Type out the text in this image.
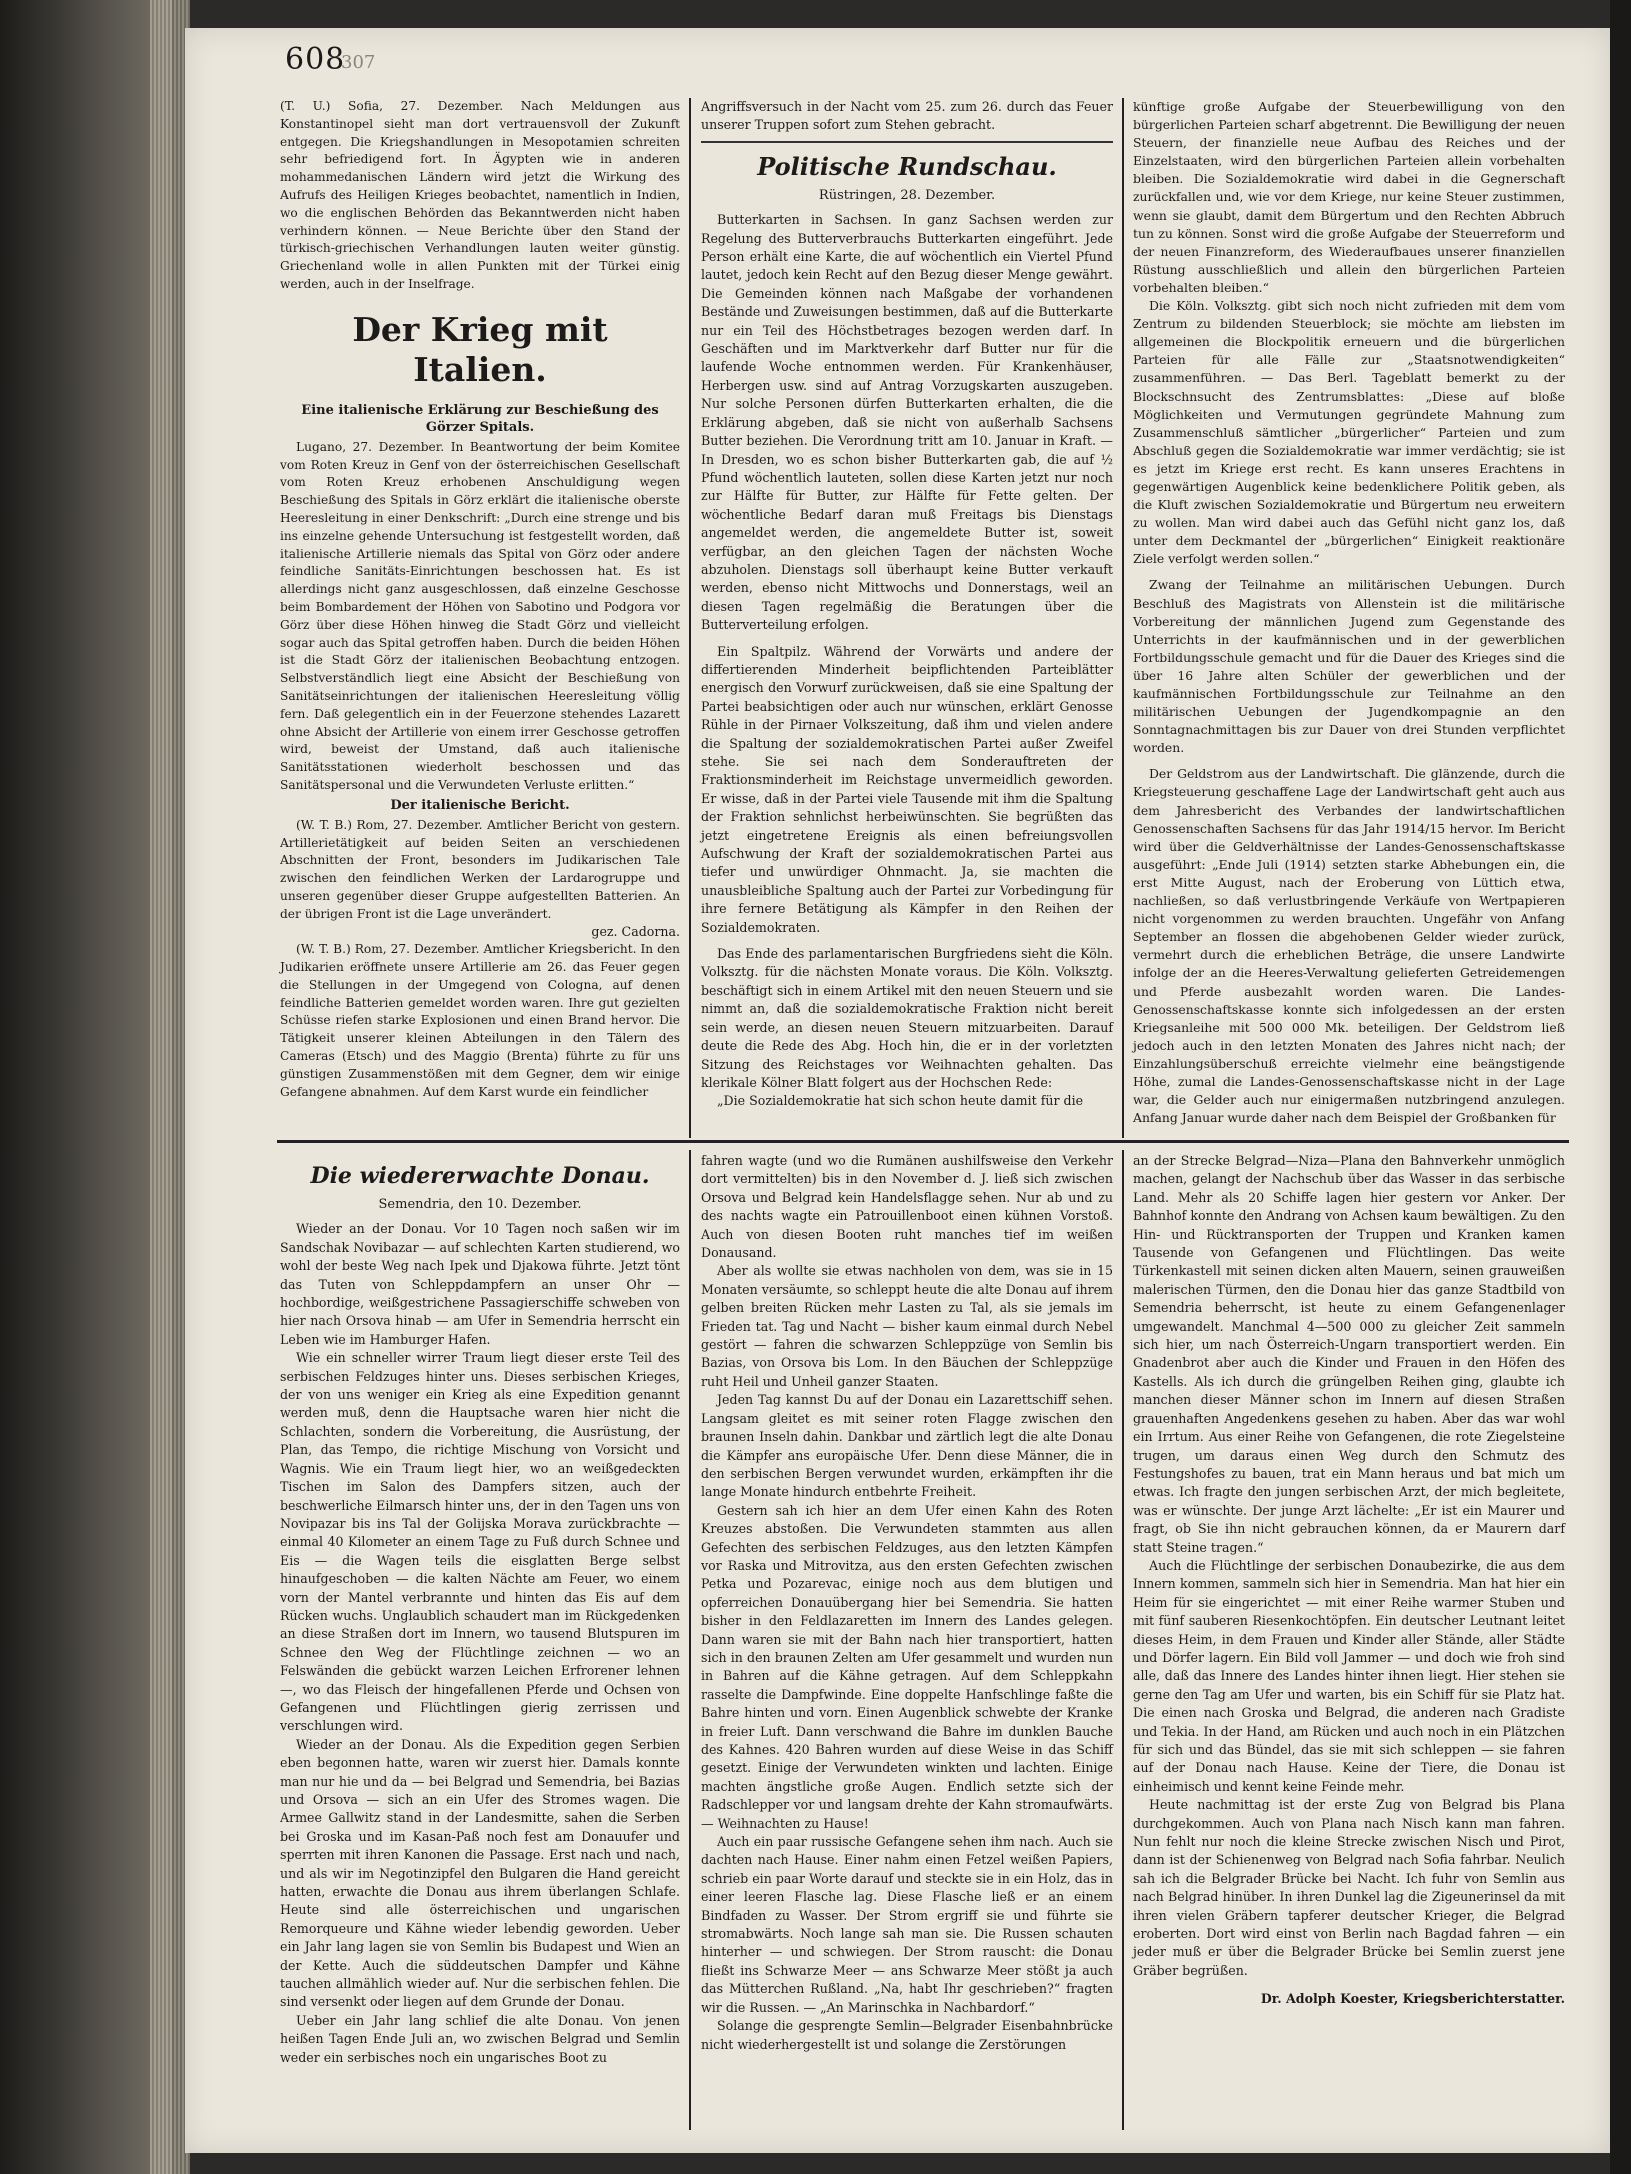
608
307

(T. U.) Sofia, 27. Dezember. Nach Meldungen aus Konstantinopel sieht man dort vertrauensvoll der Zukunft entgegen. Die Kriegshandlungen in Mesopotamien schreiten sehr befriedigend fort. In Ägypten wie in anderen mohammedanischen Ländern wird jetzt die Wirkung des Aufrufs des Heiligen Krieges beobachtet, namentlich in Indien, wo die englischen Behörden das Bekanntwerden nicht haben verhindern können. — Neue Berichte über den Stand der türkisch-griechischen Verhandlungen lauten weiter günstig. Griechenland wolle in allen Punkten mit der Türkei einig werden, auch in der Inselfrage.

Der Krieg mit Italien.
Eine italienische Erklärung zur Beschießung des Görzer Spitals.

Lugano, 27. Dezember. In Beantwortung der beim Komitee vom Roten Kreuz in Genf von der österreichischen Gesellschaft vom Roten Kreuz erhobenen Anschuldigung wegen Beschießung des Spitals in Görz erklärt die italienische oberste Heeresleitung in einer Denkschrift: „Durch eine strenge und bis ins einzelne gehende Untersuchung ist festgestellt worden, daß italienische Artillerie niemals das Spital von Görz oder andere feindliche Sanitäts-Einrichtungen beschossen hat. Es ist allerdings nicht ganz ausgeschlossen, daß einzelne Geschosse beim Bombardement der Höhen von Sabotino und Podgora vor Görz über diese Höhen hinweg die Stadt Görz und vielleicht sogar auch das Spital getroffen haben. Durch die beiden Höhen ist die Stadt Görz der italienischen Beobachtung entzogen. Selbstverständlich liegt eine Absicht der Beschießung von Sanitätseinrichtungen der italienischen Heeresleitung völlig fern. Daß gelegentlich ein in der Feuerzone stehendes Lazarett ohne Absicht der Artillerie von einem irrer Geschosse getroffen wird, beweist der Umstand, daß auch italienische Sanitätsstationen wiederholt beschossen und das Sanitätspersonal und die Verwundeten Verluste erlitten.“

Der italienische Bericht.

(W. T. B.) Rom, 27. Dezember. Amtlicher Bericht von gestern. Artillerietätigkeit auf beiden Seiten an verschiedenen Abschnitten der Front, besonders im Judikarischen Tale zwischen den feindlichen Werken der Lardarogruppe und unseren gegenüber dieser Gruppe aufgestellten Batterien. An der übrigen Front ist die Lage unverändert.

gez. Cadorna.

(W. T. B.) Rom, 27. Dezember. Amtlicher Kriegsbericht. In den Judikarien eröffnete unsere Artillerie am 26. das Feuer gegen die Stellungen in der Umgegend von Cologna, auf denen feindliche Batterien gemeldet worden waren. Ihre gut gezielten Schüsse riefen starke Explosionen und einen Brand hervor. Die Tätigkeit unserer kleinen Abteilungen in den Tälern des Cameras (Etsch) und des Maggio (Brenta) führte zu für uns günstigen Zusammenstößen mit dem Gegner, dem wir einige Gefangene abnahmen. Auf dem Karst wurde ein feindlicher

Angriffsversuch in der Nacht vom 25. zum 26. durch das Feuer unserer Truppen sofort zum Stehen gebracht.

Politische Rundschau.
Rüstringen, 28. Dezember.

Butterkarten in Sachsen. In ganz Sachsen werden zur Regelung des Butterverbrauchs Butterkarten eingeführt. Jede Person erhält eine Karte, die auf wöchentlich ein Viertel Pfund lautet, jedoch kein Recht auf den Bezug dieser Menge gewährt. Die Gemeinden können nach Maßgabe der vorhandenen Bestände und Zuweisungen bestimmen, daß auf die Butterkarte nur ein Teil des Höchstbetrages bezogen werden darf. In Geschäften und im Marktverkehr darf Butter nur für die laufende Woche entnommen werden. Für Krankenhäuser, Herbergen usw. sind auf Antrag Vorzugskarten auszugeben. Nur solche Personen dürfen Butterkarten erhalten, die die Erklärung abgeben, daß sie nicht von außerhalb Sachsens Butter beziehen. Die Verordnung tritt am 10. Januar in Kraft. — In Dresden, wo es schon bisher Butterkarten gab, die auf ½ Pfund wöchentlich lauteten, sollen diese Karten jetzt nur noch zur Hälfte für Butter, zur Hälfte für Fette gelten. Der wöchentliche Bedarf daran muß Freitags bis Dienstags angemeldet werden, die angemeldete Butter ist, soweit verfügbar, an den gleichen Tagen der nächsten Woche abzuholen. Dienstags soll überhaupt keine Butter verkauft werden, ebenso nicht Mittwochs und Donnerstags, weil an diesen Tagen regelmäßig die Beratungen über die Butterverteilung erfolgen.

Ein Spaltpilz. Während der Vorwärts und andere der differtierenden Minderheit beipflichtenden Parteiblätter energisch den Vorwurf zurückweisen, daß sie eine Spaltung der Partei beabsichtigen oder auch nur wünschen, erklärt Genosse Rühle in der Pirnaer Volkszeitung, daß ihm und vielen andere die Spaltung der sozialdemokratischen Partei außer Zweifel stehe. Sie sei nach dem Sonderauftreten der Fraktionsminderheit im Reichstage unvermeidlich geworden. Er wisse, daß in der Partei viele Tausende mit ihm die Spaltung der Fraktion sehnlichst herbeiwünschten. Sie begrüßten das jetzt eingetretene Ereignis als einen befreiungsvollen Aufschwung der Kraft der sozialdemokratischen Partei aus tiefer und unwürdiger Ohnmacht. Ja, sie machten die unausbleibliche Spaltung auch der Partei zur Vorbedingung für ihre fernere Betätigung als Kämpfer in den Reihen der Sozialdemokraten.

Das Ende des parlamentarischen Burgfriedens sieht die Köln. Volksztg. für die nächsten Monate voraus. Die Köln. Volksztg. beschäftigt sich in einem Artikel mit den neuen Steuern und sie nimmt an, daß die sozialdemokratische Fraktion nicht bereit sein werde, an diesen neuen Steuern mitzuarbeiten. Darauf deute die Rede des Abg. Hoch hin, die er in der vorletzten Sitzung des Reichstages vor Weihnachten gehalten. Das klerikale Kölner Blatt folgert aus der Hochschen Rede:

„Die Sozialdemokratie hat sich schon heute damit für die

künftige große Aufgabe der Steuerbewilligung von den bürgerlichen Parteien scharf abgetrennt. Die Bewilligung der neuen Steuern, der finanzielle neue Aufbau des Reiches und der Einzelstaaten, wird den bürgerlichen Parteien allein vorbehalten bleiben. Die Sozialdemokratie wird dabei in die Gegnerschaft zurückfallen und, wie vor dem Kriege, nur keine Steuer zustimmen, wenn sie glaubt, damit dem Bürgertum und den Rechten Abbruch tun zu können. Sonst wird die große Aufgabe der Steuerreform und der neuen Finanzreform, des Wiederaufbaues unserer finanziellen Rüstung ausschließlich und allein den bürgerlichen Parteien vorbehalten bleiben.“

Die Köln. Volksztg. gibt sich noch nicht zufrieden mit dem vom Zentrum zu bildenden Steuerblock; sie möchte am liebsten im allgemeinen die Blockpolitik erneuern und die bürgerlichen Parteien für alle Fälle zur „Staatsnotwendigkeiten“ zusammenführen. — Das Berl. Tageblatt bemerkt zu der Blockschnsucht des Zentrumsblattes: „Diese auf bloße Möglichkeiten und Vermutungen gegründete Mahnung zum Zusammenschluß sämtlicher „bürgerlicher“ Parteien und zum Abschluß gegen die Sozialdemokratie war immer verdächtig; sie ist es jetzt im Kriege erst recht. Es kann unseres Erachtens in gegenwärtigen Augenblick keine bedenklichere Politik geben, als die Kluft zwischen Sozialdemokratie und Bürgertum neu erweitern zu wollen. Man wird dabei auch das Gefühl nicht ganz los, daß unter dem Deckmantel der „bürgerlichen“ Einigkeit reaktionäre Ziele verfolgt werden sollen.“

Zwang der Teilnahme an militärischen Uebungen. Durch Beschluß des Magistrats von Allenstein ist die militärische Vorbereitung der männlichen Jugend zum Gegenstande des Unterrichts in der kaufmännischen und in der gewerblichen Fortbildungsschule gemacht und für die Dauer des Krieges sind die über 16 Jahre alten Schüler der gewerblichen und der kaufmännischen Fortbildungsschule zur Teilnahme an den militärischen Uebungen der Jugendkompagnie an den Sonntagnachmittagen bis zur Dauer von drei Stunden verpflichtet worden.

Der Geldstrom aus der Landwirtschaft. Die glänzende, durch die Kriegsteuerung geschaffene Lage der Landwirtschaft geht auch aus dem Jahresbericht des Verbandes der landwirtschaftlichen Genossenschaften Sachsens für das Jahr 1914/15 hervor. Im Bericht wird über die Geldverhältnisse der Landes-Genossenschaftskasse ausgeführt: „Ende Juli (1914) setzten starke Abhebungen ein, die erst Mitte August, nach der Eroberung von Lüttich etwa, nachließen, so daß verlustbringende Verkäufe von Wertpapieren nicht vorgenommen zu werden brauchten. Ungefähr von Anfang September an flossen die abgehobenen Gelder wieder zurück, vermehrt durch die erheblichen Beträge, die unsere Landwirte infolge der an die Heeres-Verwaltung gelieferten Getreidemengen und Pferde ausbezahlt worden waren. Die Landes-Genossenschaftskasse konnte sich infolgedessen an der ersten Kriegsanleihe mit 500 000 Mk. beteiligen. Der Geldstrom ließ jedoch auch in den letzten Monaten des Jahres nicht nach; der Einzahlungsüberschuß erreichte vielmehr eine beängstigende Höhe, zumal die Landes-Genossenschaftskasse nicht in der Lage war, die Gelder auch nur einigermaßen nutzbringend anzulegen. Anfang Januar wurde daher nach dem Beispiel der Großbanken für

Die wiedererwachte Donau.
Semendria, den 10. Dezember.

Wieder an der Donau. Vor 10 Tagen noch saßen wir im Sandschak Novibazar — auf schlechten Karten studierend, wo wohl der beste Weg nach Ipek und Djakowa führte. Jetzt tönt das Tuten von Schleppdampfern an unser Ohr — hochbordige, weißgestrichene Passagierschiffe schweben von hier nach Orsova hinab — am Ufer in Semendria herrscht ein Leben wie im Hamburger Hafen.

Wie ein schneller wirrer Traum liegt dieser erste Teil des serbischen Feldzuges hinter uns. Dieses serbischen Krieges, der von uns weniger ein Krieg als eine Expedition genannt werden muß, denn die Hauptsache waren hier nicht die Schlachten, sondern die Vorbereitung, die Ausrüstung, der Plan, das Tempo, die richtige Mischung von Vorsicht und Wagnis. Wie ein Traum liegt hier, wo an weißgedeckten Tischen im Salon des Dampfers sitzen, auch der beschwerliche Eilmarsch hinter uns, der in den Tagen uns von Novipazar bis ins Tal der Golijska Morava zurückbrachte — einmal 40 Kilometer an einem Tage zu Fuß durch Schnee und Eis — die Wagen teils die eisglatten Berge selbst hinaufgeschoben — die kalten Nächte am Feuer, wo einem vorn der Mantel verbrannte und hinten das Eis auf dem Rücken wuchs. Unglaublich schaudert man im Rückgedenken an diese Straßen dort im Innern, wo tausend Blutspuren im Schnee den Weg der Flüchtlinge zeichnen — wo an Felswänden die gebückt warzen Leichen Erfrorener lehnen —, wo das Fleisch der hingefallenen Pferde und Ochsen von Gefangenen und Flüchtlingen gierig zerrissen und verschlungen wird.

Wieder an der Donau. Als die Expedition gegen Serbien eben begonnen hatte, waren wir zuerst hier. Damals konnte man nur hie und da — bei Belgrad und Semendria, bei Bazias und Orsova — sich an ein Ufer des Stromes wagen. Die Armee Gallwitz stand in der Landesmitte, sahen die Serben bei Groska und im Kasan-Paß noch fest am Donauufer und sperrten mit ihren Kanonen die Passage. Erst nach und nach, und als wir im Negotinzipfel den Bulgaren die Hand gereicht hatten, erwachte die Donau aus ihrem überlangen Schlafe. Heute sind alle österreichischen und ungarischen Remorqueure und Kähne wieder lebendig geworden. Ueber ein Jahr lang lagen sie von Semlin bis Budapest und Wien an der Kette. Auch die süddeutschen Dampfer und Kähne tauchen allmählich wieder auf. Nur die serbischen fehlen. Die sind versenkt oder liegen auf dem Grunde der Donau.

Ueber ein Jahr lang schlief die alte Donau. Von jenen heißen Tagen Ende Juli an, wo zwischen Belgrad und Semlin weder ein serbisches noch ein ungarisches Boot zu

fahren wagte (und wo die Rumänen aushilfsweise den Verkehr dort vermittelten) bis in den November d. J. ließ sich zwischen Orsova und Belgrad kein Handelsflagge sehen. Nur ab und zu des nachts wagte ein Patrouillenboot einen kühnen Vorstoß. Auch von diesen Booten ruht manches tief im weißen Donausand.

Aber als wollte sie etwas nachholen von dem, was sie in 15 Monaten versäumte, so schleppt heute die alte Donau auf ihrem gelben breiten Rücken mehr Lasten zu Tal, als sie jemals im Frieden tat. Tag und Nacht — bisher kaum einmal durch Nebel gestört — fahren die schwarzen Schleppzüge von Semlin bis Bazias, von Orsova bis Lom. In den Bäuchen der Schleppzüge ruht Heil und Unheil ganzer Staaten.

Jeden Tag kannst Du auf der Donau ein Lazarettschiff sehen. Langsam gleitet es mit seiner roten Flagge zwischen den braunen Inseln dahin. Dankbar und zärtlich legt die alte Donau die Kämpfer ans europäische Ufer. Denn diese Männer, die in den serbischen Bergen verwundet wurden, erkämpften ihr die lange Monate hindurch entbehrte Freiheit.

Gestern sah ich hier an dem Ufer einen Kahn des Roten Kreuzes abstoßen. Die Verwundeten stammten aus allen Gefechten des serbischen Feldzuges, aus den letzten Kämpfen vor Raska und Mitrovitza, aus den ersten Gefechten zwischen Petka und Pozarevac, einige noch aus dem blutigen und opferreichen Donauübergang hier bei Semendria. Sie hatten bisher in den Feldlazaretten im Innern des Landes gelegen. Dann waren sie mit der Bahn nach hier transportiert, hatten sich in den braunen Zelten am Ufer gesammelt und wurden nun in Bahren auf die Kähne getragen. Auf dem Schleppkahn rasselte die Dampfwinde. Eine doppelte Hanfschlinge faßte die Bahre hinten und vorn. Einen Augenblick schwebte der Kranke in freier Luft. Dann verschwand die Bahre im dunklen Bauche des Kahnes. 420 Bahren wurden auf diese Weise in das Schiff gesetzt. Einige der Verwundeten winkten und lachten. Einige machten ängstliche große Augen. Endlich setzte sich der Radschlepper vor und langsam drehte der Kahn stromaufwärts. — Weihnachten zu Hause!

Auch ein paar russische Gefangene sehen ihm nach. Auch sie dachten nach Hause. Einer nahm einen Fetzel weißen Papiers, schrieb ein paar Worte darauf und steckte sie in ein Holz, das in einer leeren Flasche lag. Diese Flasche ließ er an einem Bindfaden zu Wasser. Der Strom ergriff sie und führte sie stromabwärts. Noch lange sah man sie. Die Russen schauten hinterher — und schwiegen. Der Strom rauscht: die Donau fließt ins Schwarze Meer — ans Schwarze Meer stößt ja auch das Mütterchen Rußland. „Na, habt Ihr geschrieben?“ fragten wir die Russen. — „An Marinschka in Nachbardorf.“

Solange die gesprengte Semlin—Belgrader Eisenbahnbrücke nicht wiederhergestellt ist und solange die Zerstörungen

an der Strecke Belgrad—Niza—Plana den Bahnverkehr unmöglich machen, gelangt der Nachschub über das Wasser in das serbische Land. Mehr als 20 Schiffe lagen hier gestern vor Anker. Der Bahnhof konnte den Andrang von Achsen kaum bewältigen. Zu den Hin- und Rücktransporten der Truppen und Kranken kamen Tausende von Gefangenen und Flüchtlingen. Das weite Türkenkastell mit seinen dicken alten Mauern, seinen grauweißen malerischen Türmen, den die Donau hier das ganze Stadtbild von Semendria beherrscht, ist heute zu einem Gefangenenlager umgewandelt. Manchmal 4—500 000 zu gleicher Zeit sammeln sich hier, um nach Österreich-Ungarn transportiert werden. Ein Gnadenbrot aber auch die Kinder und Frauen in den Höfen des Kastells. Als ich durch die grüngelben Reihen ging, glaubte ich manchen dieser Männer schon im Innern auf diesen Straßen grauenhaften Angedenkens gesehen zu haben. Aber das war wohl ein Irrtum. Aus einer Reihe von Gefangenen, die rote Ziegelsteine trugen, um daraus einen Weg durch den Schmutz des Festungshofes zu bauen, trat ein Mann heraus und bat mich um etwas. Ich fragte den jungen serbischen Arzt, der mich begleitete, was er wünschte. Der junge Arzt lächelte: „Er ist ein Maurer und fragt, ob Sie ihn nicht gebrauchen können, da er Maurern darf statt Steine tragen.“

Auch die Flüchtlinge der serbischen Donaubezirke, die aus dem Innern kommen, sammeln sich hier in Semendria. Man hat hier ein Heim für sie eingerichtet — mit einer Reihe warmer Stuben und mit fünf sauberen Riesenkochtöpfen. Ein deutscher Leutnant leitet dieses Heim, in dem Frauen und Kinder aller Stände, aller Städte und Dörfer lagern. Ein Bild voll Jammer — und doch wie froh sind alle, daß das Innere des Landes hinter ihnen liegt. Hier stehen sie gerne den Tag am Ufer und warten, bis ein Schiff für sie Platz hat. Die einen nach Groska und Belgrad, die anderen nach Gradiste und Tekia. In der Hand, am Rücken und auch noch in ein Plätzchen für sich und das Bündel, das sie mit sich schleppen — sie fahren auf der Donau nach Hause. Keine der Tiere, die Donau ist einheimisch und kennt keine Feinde mehr.

Heute nachmittag ist der erste Zug von Belgrad bis Plana durchgekommen. Auch von Plana nach Nisch kann man fahren. Nun fehlt nur noch die kleine Strecke zwischen Nisch und Pirot, dann ist der Schienenweg von Belgrad nach Sofia fahrbar. Neulich sah ich die Belgrader Brücke bei Nacht. Ich fuhr von Semlin aus nach Belgrad hinüber. In ihren Dunkel lag die Zigeunerinsel da mit ihren vielen Gräbern tapferer deutscher Krieger, die Belgrad eroberten. Dort wird einst von Berlin nach Bagdad fahren — ein jeder muß er über die Belgrader Brücke bei Semlin zuerst jene Gräber begrüßen.

Dr. Adolph Koester, Kriegsberichterstatter.
